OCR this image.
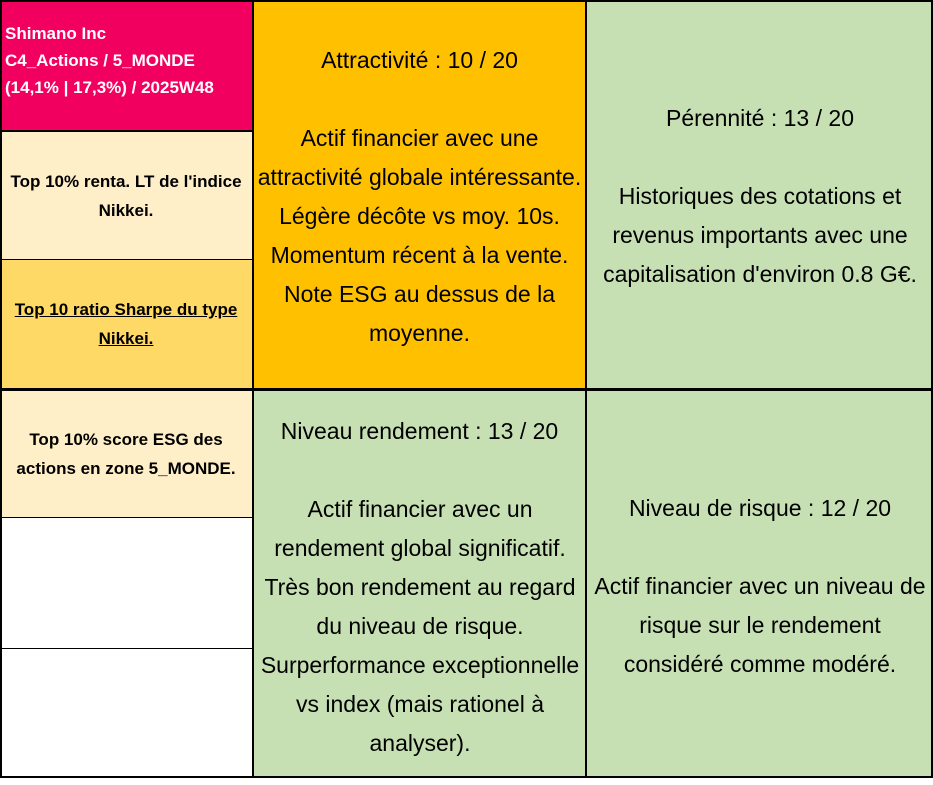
Shimano Inc
C4_Actions / 5_MONDE
(14,1% | 17,3%) / 2025W48
Top 10% renta. LT de l'indice Nikkei.
Top 10 ratio Sharpe du type Nikkei.
Top 10% score ESG des actions en zone 5_MONDE.
Attractivité : 10 / 20
Actif financier avec une attractivité globale intéressante. Légère décôte vs moy. 10s. Momentum récent à la vente. Note ESG au dessus de la moyenne.
Pérennité : 13 / 20
Historiques des cotations et revenus importants avec une capitalisation d'environ 0.8 G€.
Niveau rendement : 13 / 20
Actif financier avec un rendement global significatif. Très bon rendement au regard du niveau de risque. Surperformance exceptionnelle vs index (mais rationel à analyser).
Niveau de risque : 12 / 20
Actif financier avec un niveau de risque sur le rendement considéré comme modéré.
